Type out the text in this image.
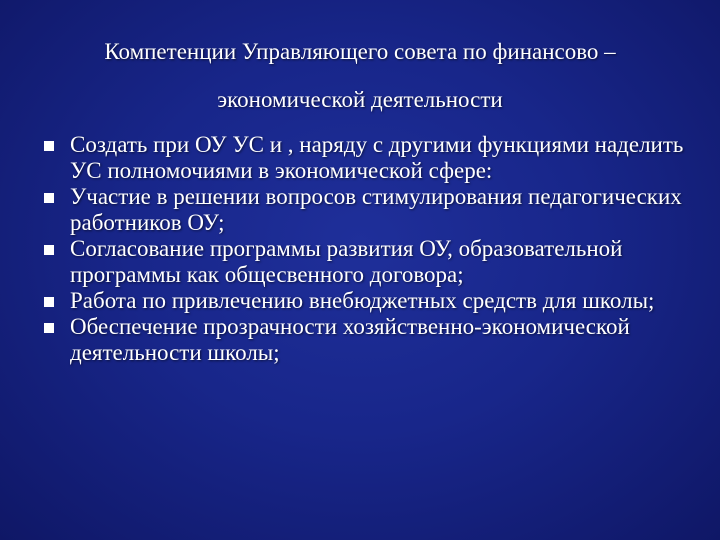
Компетенции Управляющего совета по финансово –
экономической деятельности
Создать при ОУ УС и , наряду с другими функциями наделить УС полномочиями в экономической сфере:
Участие в решении вопросов стимулирования педагогических работников ОУ;
Согласование программы развития ОУ, образовательной программы как общесвенного договора;
Работа по привлечению внебюджетных средств для школы;
Обеспечение прозрачности хозяйственно-экономической деятельности школы;
